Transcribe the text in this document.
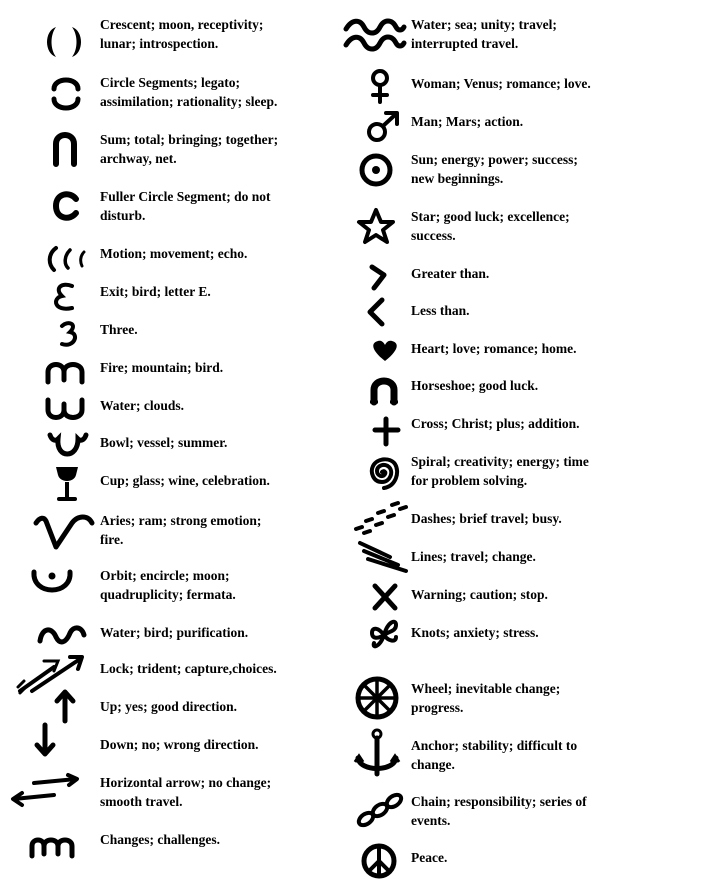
Crescent; moon, receptivity;
lunar; introspection.
Circle Segments; legato;
assimilation; rationality; sleep.
Sum; total; bringing; together;
archway, net.
Fuller Circle Segment; do not
disturb.
Motion; movement; echo.
Exit; bird; letter E.
Three.
Fire; mountain; bird.
Water; clouds.
Bowl; vessel; summer.
Cup; glass; wine, celebration.
Aries; ram; strong emotion;
fire.
Orbit; encircle; moon;
quadruplicity; fermata.
Water; bird; purification.
Lock; trident; capture,choices.
Up; yes; good direction.
Down; no; wrong direction.
Horizontal arrow; no change;
smooth travel.
Changes; challenges.
Water; sea; unity; travel;
interrupted travel.
Woman; Venus; romance; love.
Man; Mars; action.
Sun; energy; power; success;
new beginnings.
Star; good luck; excellence;
success.
Greater than.
Less than.
Heart; love; romance; home.
Horseshoe; good luck.
Cross; Christ; plus; addition.
Spiral; creativity; energy; time
for problem solving.
Dashes; brief travel; busy.
Lines; travel; change.
Warning; caution; stop.
Knots; anxiety; stress.
Wheel; inevitable change;
progress.
Anchor; stability; difficult to
change.
Chain; responsibility; series of
events.
Peace.
